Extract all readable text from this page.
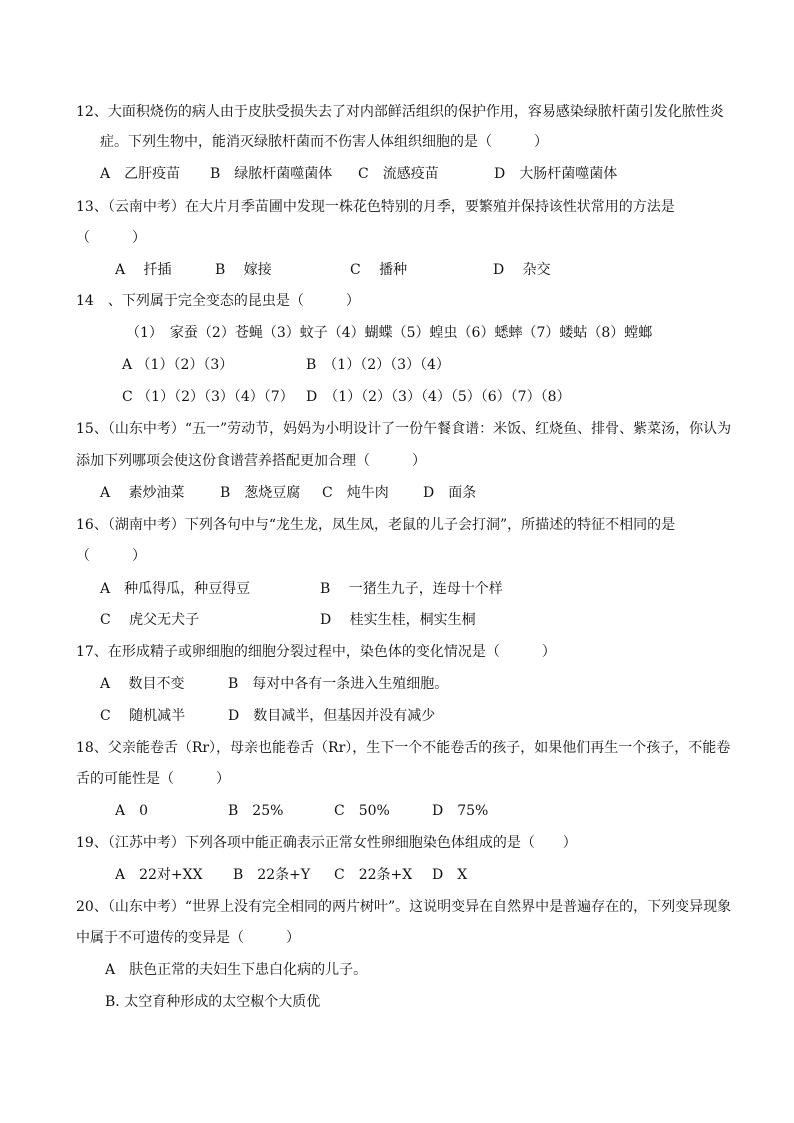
12、大面积烧伤的病人由于皮肤受损失去了对内部鲜活组织的保护作用，容易感染绿脓杆菌引发化脓性炎
症。下列生物中，能消灭绿脓杆菌而不伤害人体组织细胞的是（　　　）
A　乙肝疫苗 B　绿脓杆菌噬菌体 C　流感疫苗	D　大肠杆菌噬菌体
13、（云南中考）在大片月季苗圃中发现一株花色特别的月季，要繁殖并保持该性状常用的方法是
（　　　）
A　 扦插	B　 嫁接	C　 播种	D　 杂交
14　、下列属于完全变态的昆虫是（　　　）
（1）　家蚕（2）苍蝇（3）蚊子（4）蝴蝶（5）蝗虫（6）蟋蟀（7）蝼蛄（8）螳螂
A （1）（2）（3）	B　（1）（2）（3）（4）
C （1）（2）（3）（4）（7） D　（1）（2）（3）（4）（5）（6）（7）（8）
15、（山东中考）“五一”劳动节，妈妈为小明设计了一份午餐食谱：米饭、红烧鱼、排骨、紫菜汤，你认为
添加下列哪项会使这份食谱营养搭配更加合理（　　　）
A　 素炒油菜	B　葱烧豆腐 C　炖牛肉 D　面条
16、（湖南中考）下列各句中与“龙生龙，凤生凤，老鼠的儿子会打洞”，所描述的特征不相同的是
（　　　）
A　种瓜得瓜，种豆得豆	B　 一猪生九子，连母十个样
C　 虎父无犬子	D　 桂实生桂，桐实生桐
17、在形成精子或卵细胞的细胞分裂过程中，染色体的变化情况是（　　　）
A　 数目不变	B　每对中各有一条进入生殖细胞。
C　 随机减半	D　数目减半，但基因并没有减少
18、父亲能卷舌（Rr），母亲也能卷舌（Rr），生下一个不能卷舌的孩子，如果他们再生一个孩子，不能卷
舌的可能性是（　　　）
A　0	B　25%	C　50%	D　75%
19、（江苏中考）下列各项中能正确表示正常女性卵细胞染色体组成的是（　　）
A　22对+XX B　22条+Y C　22条+X D　X
20、（山东中考）“世界上没有完全相同的两片树叶”。这说明变异在自然界中是普遍存在的，下列变异现象
中属于不可遗传的变异是（　　　）
A　肤色正常的夫妇生下患白化病的儿子。
B. 太空育种形成的太空椒个大质优
